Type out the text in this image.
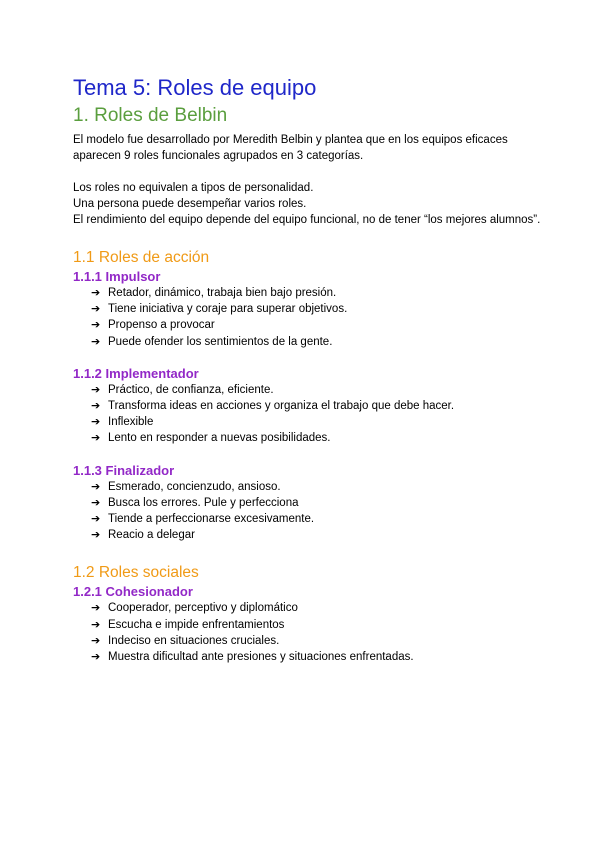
Tema 5: Roles de equipo
1. Roles de Belbin

El modelo fue desarrollado por Meredith Belbin y plantea que en los equipos eficaces aparecen 9 roles funcionales agrupados en 3 categorías.

Los roles no equivalen a tipos de personalidad.

Una persona puede desempeñar varios roles.

El rendimiento del equipo depende del equipo funcional, no de tener “los mejores alumnos”.

1.1 Roles de acción
1.1.1 Impulsor
➔ Retador, dinámico, trabaja bien bajo presión.
➔ Tiene iniciativa y coraje para superar objetivos.
➔ Propenso a provocar
➔ Puede ofender los sentimientos de la gente.
1.1.2 Implementador
➔ Práctico, de confianza, eficiente.
➔ Transforma ideas en acciones y organiza el trabajo que debe hacer.
➔ Inflexible
➔ Lento en responder a nuevas posibilidades.
1.1.3 Finalizador
➔ Esmerado, concienzudo, ansioso.
➔ Busca los errores. Pule y perfecciona
➔ Tiende a perfeccionarse excesivamente.
➔ Reacio a delegar
1.2 Roles sociales
1.2.1 Cohesionador
➔ Cooperador, perceptivo y diplomático
➔ Escucha e impide enfrentamientos
➔ Indeciso en situaciones cruciales.
➔ Muestra dificultad ante presiones y situaciones enfrentadas.
